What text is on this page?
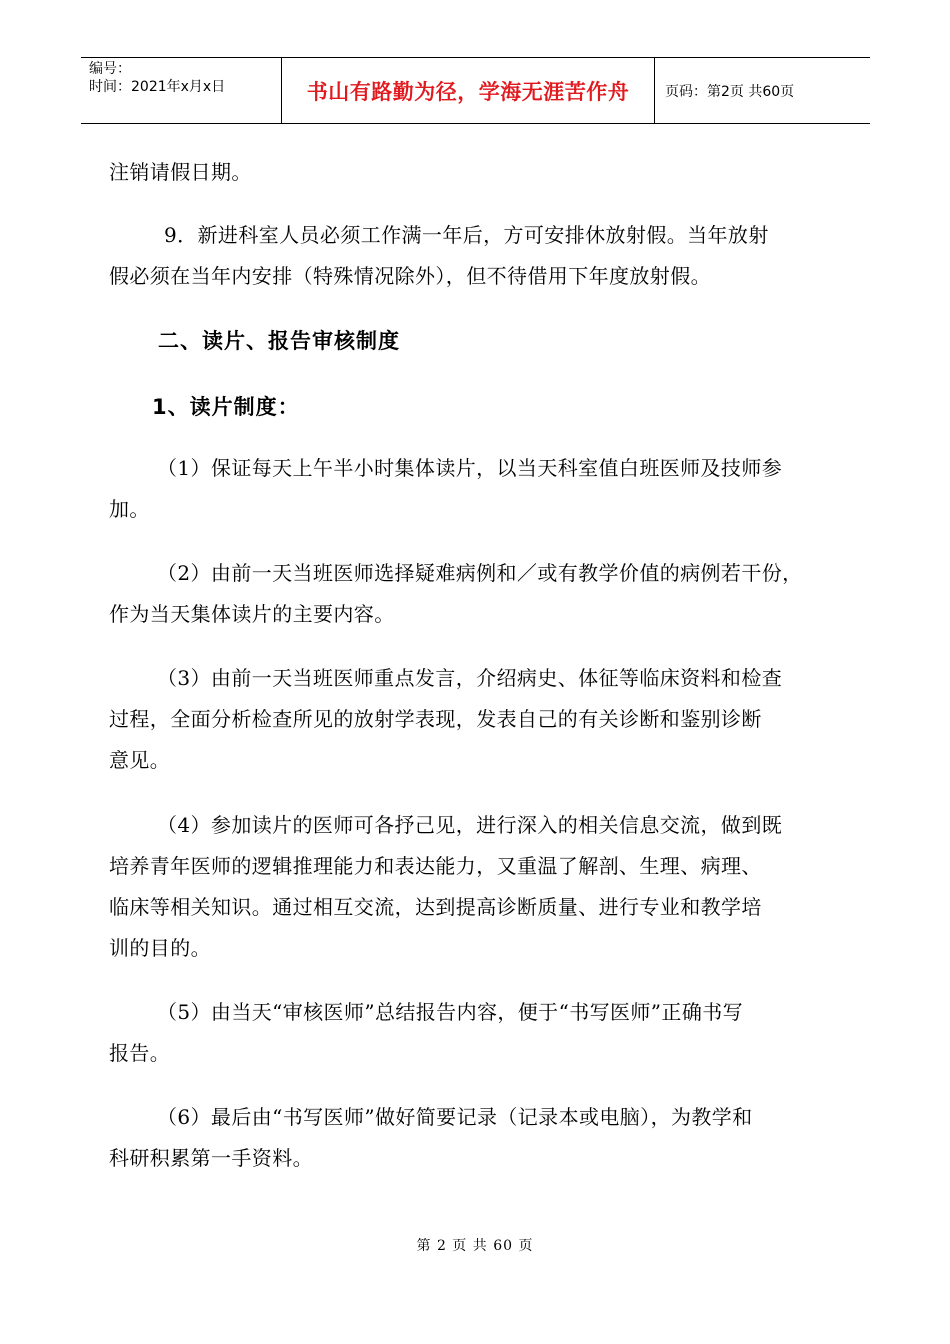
编号：
时间：2021年x月x日	书山有路勤为径，学海无涯苦作舟	页码：第2页 共60页

注销请假日期。

9．新进科室人员必须工作满一年后，方可安排休放射假。当年放射
假必须在当年内安排（特殊情况除外），但不待借用下年度放射假。

二、读片、报告审核制度
1、读片制度：

（1）保证每天上午半小时集体读片，以当天科室值白班医师及技师参
加。

（2）由前一天当班医师选择疑难病例和／或有教学价值的病例若干份，
作为当天集体读片的主要内容。

（3）由前一天当班医师重点发言，介绍病史、体征等临床资料和检查
过程，全面分析检查所见的放射学表现，发表自己的有关诊断和鉴别诊断
意见。

（4）参加读片的医师可各抒己见，进行深入的相关信息交流，做到既
培养青年医师的逻辑推理能力和表达能力，又重温了解剖、生理、病理、
临床等相关知识。通过相互交流，达到提高诊断质量、进行专业和教学培
训的目的。

（5）由当天“审核医师”总结报告内容，便于“书写医师”正确书写
报告。

（6）最后由“书写医师”做好简要记录（记录本或电脑），为教学和
科研积累第一手资料。

第 2 页 共 60 页
